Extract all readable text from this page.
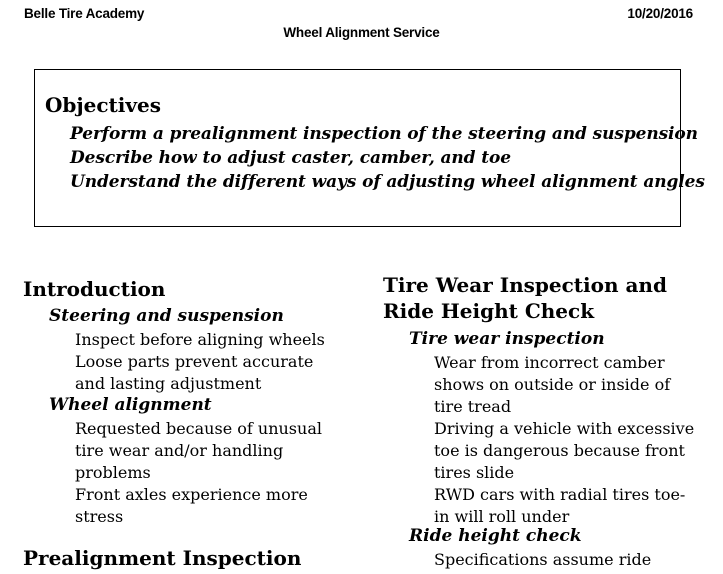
Belle Tire Academy	10/20/2016
Wheel Alignment Service
Objectives
Perform a prealignment inspection of the steering and suspension
Describe how to adjust caster, camber, and toe
Understand the different ways of adjusting wheel alignment angles
Introduction
Steering and suspension
Inspect before aligning wheels
Loose parts prevent accurate
and lasting adjustment
Wheel alignment
Requested because of unusual
tire wear and/or handling
problems
Front axles experience more
stress
Prealignment Inspection
Tire Wear Inspection and
Ride Height Check
Tire wear inspection
Wear from incorrect camber
shows on outside or inside of
tire tread
Driving a vehicle with excessive
toe is dangerous because front
tires slide
RWD cars with radial tires toe-
in will roll under
Ride height check
Specifications assume ride
